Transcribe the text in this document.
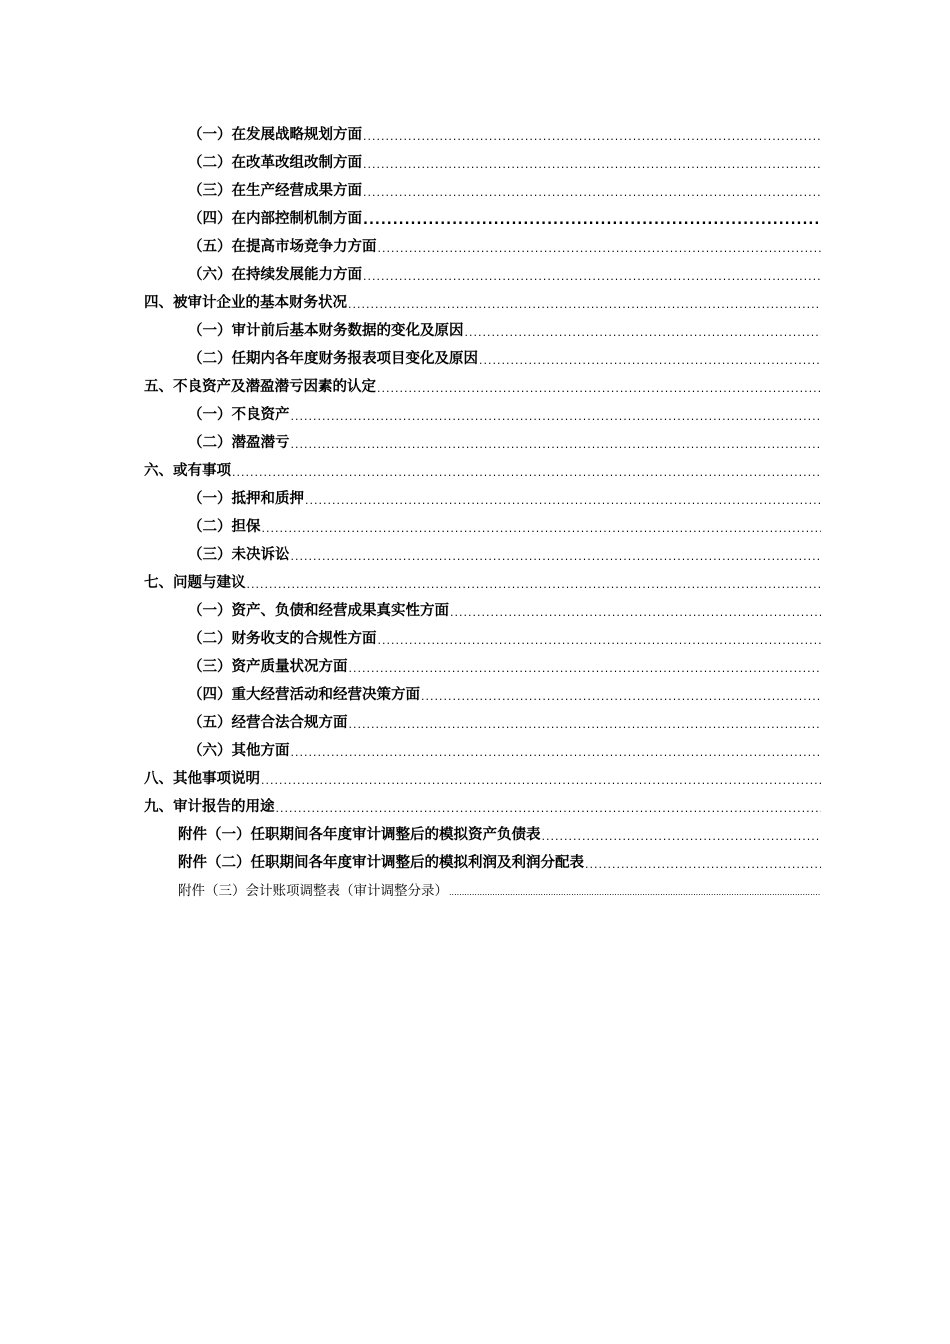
（一）在发展战略规划方面
.....
（二）在改革改组改制方面
.....
（三）在生产经营成果方面
.....
（四）在内部控制机制方面
.....
（五）在提高市场竞争力方面
.....
（六）在持续发展能力方面
.....
四、被审计企业的基本财务状况
.....
（一）审计前后基本财务数据的变化及原因
.....
（二）任期内各年度财务报表项目变化及原因
.....
五、不良资产及潜盈潜亏因素的认定
.....
（一）不良资产
.....
（二）潜盈潜亏
.....
六、或有事项
.....
（一）抵押和质押
.....
（二）担保
.....
（三）未决诉讼
.....
七、问题与建议
.....
（一）资产、负债和经营成果真实性方面
.....
（二）财务收支的合规性方面
.....
（三）资产质量状况方面
.....
（四）重大经营活动和经营决策方面
.....
（五）经营合法合规方面
.....
（六）其他方面
.....
八、其他事项说明
.....
九、审计报告的用途
.....
附件（一）任职期间各年度审计调整后的模拟资产负债表
.....
附件（二）任职期间各年度审计调整后的模拟利润及利润分配表
.....
附件（三）会计账项调整表（审计调整分录）
.....
